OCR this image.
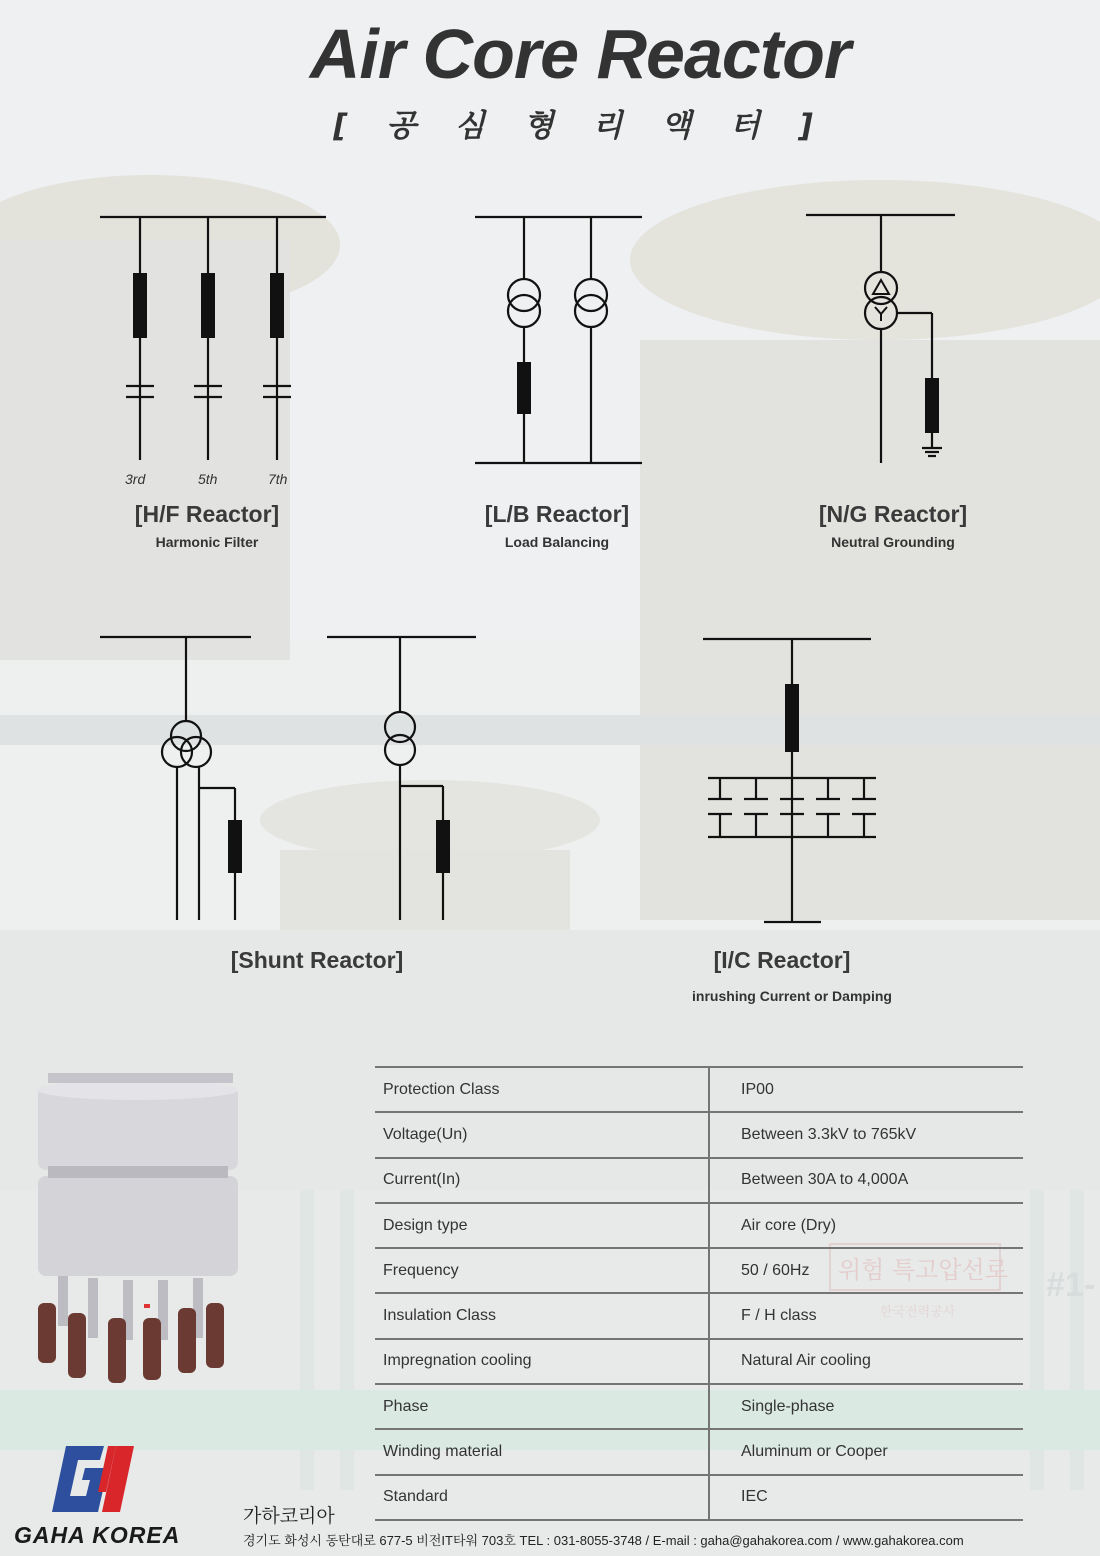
위험 특고압선로
한국전력공사
#1-
Air Core Reactor
[ 공 심 형 리 액 터 ]
3rd	5th	7th
[H/F Reactor]
Harmonic Filter
[L/B Reactor]
Load Balancing
[N/G Reactor]
Neutral Grounding
[Shunt Reactor]	[I/C Reactor]
inrushing Current or Damping
Protection Class	IP00
Voltage(Un)	Between 3.3kV to 765kV
Current(In)	Between 30A to 4,000A
Design type	Air core (Dry)
Frequency	50 / 60Hz
Insulation Class	F / H class
Impregnation cooling	Natural Air cooling
Phase	Single-phase
Winding material	Aluminum or Cooper
Standard	IEC
GAHA KOREA
가하코리아
경기도 화성시 동탄대로 677-5 비전IT타워 703호 TEL : 031-8055-3748 / E-mail : gaha@gahakorea.com / www.gahakorea.com
